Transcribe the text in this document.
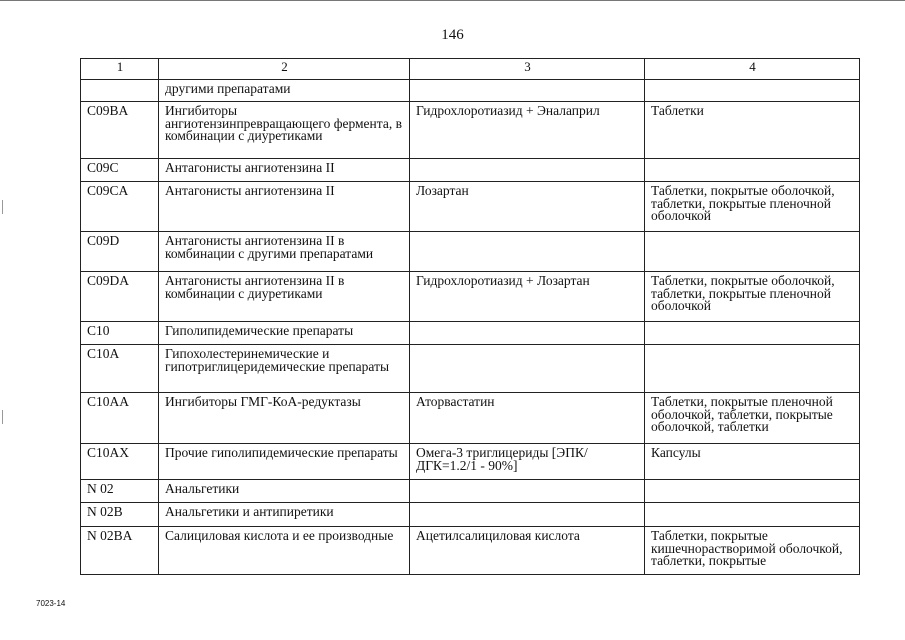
146
1	2	3	4
	другими препаратами		
C09BA	Ингибиторы ангиотензинпревращающего фермента, в комбинации с диуретиками	Гидрохлоротиазид + Эналаприл	Таблетки
C09C	Антагонисты ангиотензина II		
C09CA	Антагонисты ангиотензина II	Лозартан	Таблетки, покрытые оболочкой, таблетки, покрытые пленочной оболочкой
C09D	Антагонисты ангиотензина II в комбинации с другими препаратами		
C09DA	Антагонисты ангиотензина II в комбинации с диуретиками	Гидрохлоротиазид + Лозартан	Таблетки, покрытые оболочкой, таблетки, покрытые пленочной оболочкой
C10	Гиполипидемические препараты		
C10A	Гипохолестеринемические и гипотриглицеридемические препараты		
C10AA	Ингибиторы ГМГ-КоА-редуктазы	Аторвастатин	Таблетки, покрытые пленочной оболочкой, таблетки, покрытые оболочкой, таблетки
C10AX	Прочие гиполипидемические препараты	Омега-3 триглицериды [ЭПК/ДГК=1.2/1 - 90%]	Капсулы
N 02	Анальгетики		
N 02B	Анальгетики и антипиретики		
N 02BA	Салициловая кислота и ее производные	Ацетилсалициловая кислота	Таблетки, покрытые кишечнорастворимой оболочкой, таблетки, покрытые
7023-14
